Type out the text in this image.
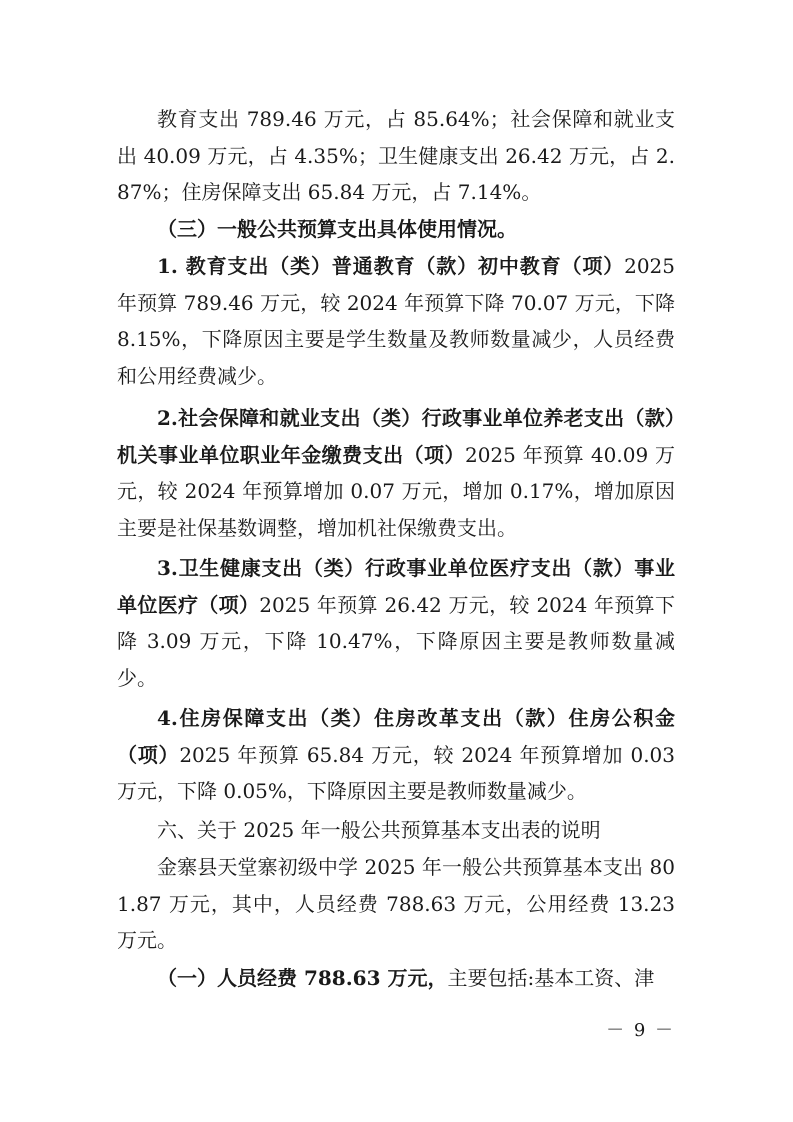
教育支出 789.46 万元，占 85.64%；社会保障和就业支出 40.09 万元，占 4.35%；卫生健康支出 26.42 万元，占 2.87%；住房保障支出 65.84 万元，占 7.14%。

（三）一般公共预算支出具体使用情况。

1. 教育支出（类）普通教育（款）初中教育（项）2025 年预算 789.46 万元，较 2024 年预算下降 70.07 万元，下降 8.15%，下降原因主要是学生数量及教师数量减少，人员经费和公用经费减少。

2.社会保障和就业支出（类）行政事业单位养老支出（款）机关事业单位职业年金缴费支出（项）2025 年预算 40.09 万元，较 2024 年预算增加 0.07 万元，增加 0.17%，增加原因主要是社保基数调整，增加机社保缴费支出。

3.卫生健康支出（类）行政事业单位医疗支出（款）事业单位医疗（项）2025 年预算 26.42 万元，较 2024 年预算下降 3.09 万元，下降 10.47%，下降原因主要是教师数量减少。

4.住房保障支出（类）住房改革支出（款）住房公积金（项）2025 年预算 65.84 万元，较 2024 年预算增加 0.03 万元，下降 0.05%，下降原因主要是教师数量减少。

六、关于 2025 年一般公共预算基本支出表的说明

金寨县天堂寨初级中学 2025 年一般公共预算基本支出 801.87 万元，其中，人员经费 788.63 万元，公用经费 13.23 万元。

（一）人员经费 788.63 万元，主要包括:基本工资、津

－ 9 －
